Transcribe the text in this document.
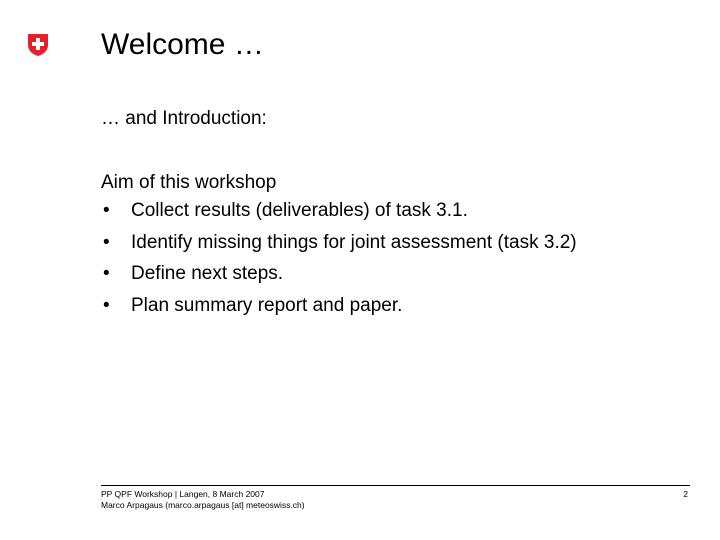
Welcome …
… and Introduction:
Aim of this workshop
•	Collect results (deliverables) of task 3.1.
•	Identify missing things for joint assessment (task 3.2)
•	Define next steps.
•	Plan summary report and paper.
PP QPF Workshop | Langen, 8 March 2007
Marco Arpagaus (marco.arpagaus [at] meteoswiss.ch)
2
